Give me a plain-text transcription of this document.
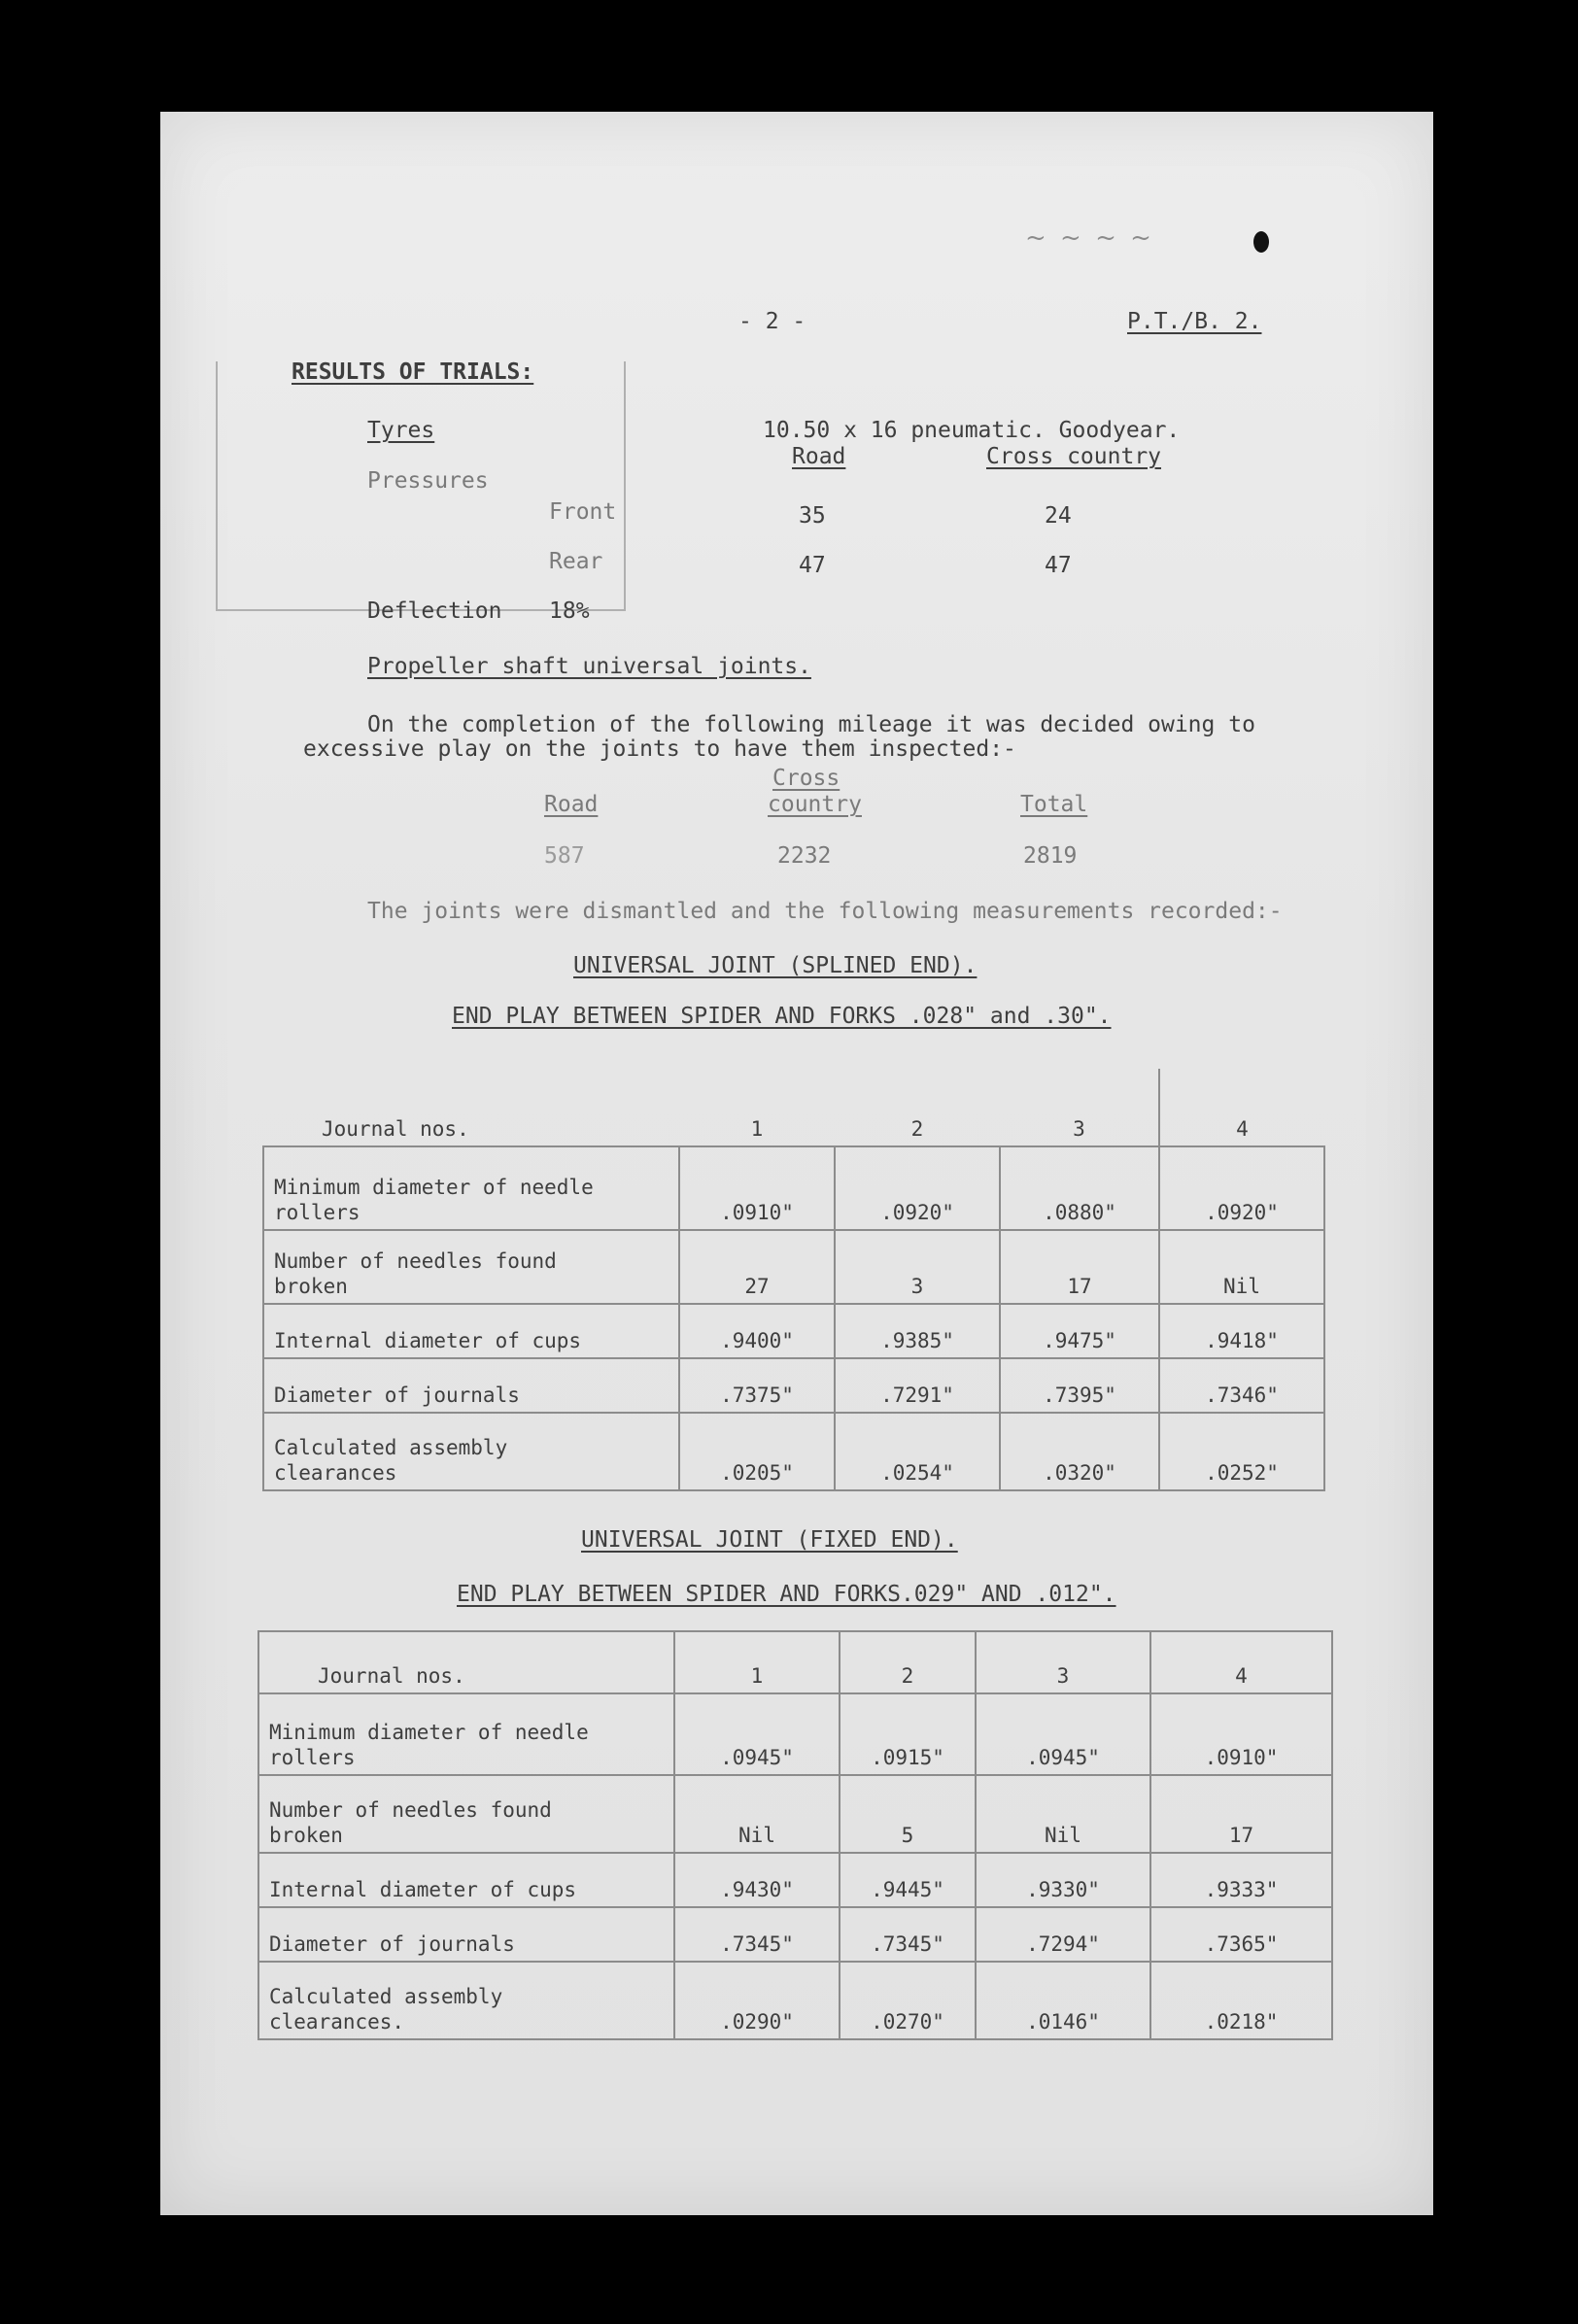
~ ~ ~ ~
- 2 -	P.T./B. 2.
RESULTS OF TRIALS:
Tyres	10.50 x 16 pneumatic. Goodyear.
Road	Cross country
Pressures
Front	35	24
Rear	47	47
Deflection 18%
Propeller shaft universal joints.
On the completion of the following mileage it was decided owing to
excessive play on the joints to have them inspected:-
Cross
Road	country	Total
587	2232	2819
The joints were dismantled and the following measurements recorded:-
UNIVERSAL JOINT (SPLINED END).
END PLAY BETWEEN SPIDER AND FORKS .028" and .30".
Journal nos.	1	2	3	4
Minimum diameter of needle
rollers	.0910"	.0920"	.0880"	.0920"
Number of needles found
broken	27	3	17	Nil
Internal diameter of cups	.9400"	.9385"	.9475"	.9418"
Diameter of journals	.7375"	.7291"	.7395"	.7346"
Calculated assembly
clearances	.0205"	.0254"	.0320"	.0252"
UNIVERSAL JOINT (FIXED END).
END PLAY BETWEEN SPIDER AND FORKS.029" AND .012".
Journal nos.	1	2	3	4
Minimum diameter of needle
rollers	.0945"	.0915"	.0945"	.0910"
Number of needles found
broken	Nil	5	Nil	17
Internal diameter of cups	.9430"	.9445"	.9330"	.9333"
Diameter of journals	.7345"	.7345"	.7294"	.7365"
Calculated assembly
clearances.	.0290"	.0270"	.0146"	.0218"
